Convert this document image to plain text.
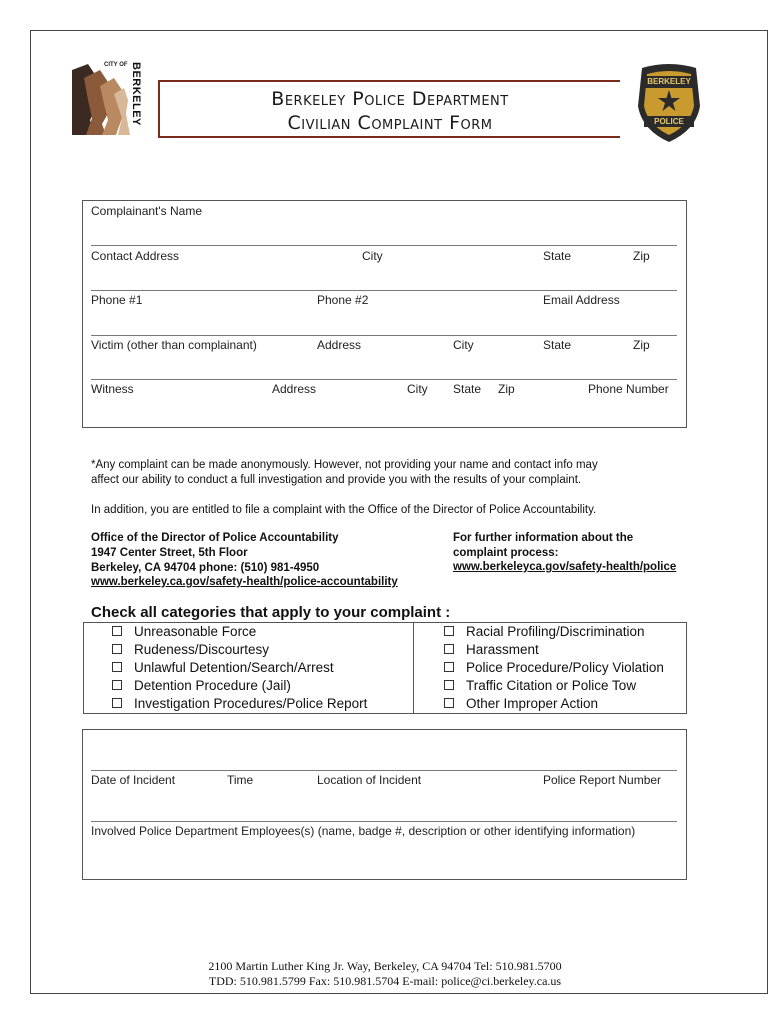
CITY OF BERKELEY	Berkeley Police Department
Civilian Complaint Form
BERKELEY
POLICE
Complainant's Name
Contact Address	City	State	Zip
Phone #1	Phone #2	Email Address
Victim (other than complainant)	Address	City	State	Zip
Witness	Address	City State Zip	Phone Number
*Any complaint can be made anonymously. However, not providing your name and contact info may
affect our ability to conduct a full investigation and provide you with the results of your complaint.
In addition, you are entitled to file a complaint with the Office of the Director of Police Accountability.
Office of the Director of Police Accountability
1947 Center Street, 5th Floor
Berkeley, CA 94704 phone: (510) 981-4950
www.berkeley.ca.gov/safety-health/police-accountability
For further information about the
complaint process:
www.berkeleyca.gov/safety-health/police
Check all categories that apply to your complaint :
Unreasonable Force
Rudeness/Discourtesy
Unlawful Detention/Search/Arrest
Detention Procedure (Jail)
Investigation Procedures/Police Report

Racial Profiling/Discrimination
Harassment
Police Procedure/Policy Violation
Traffic Citation or Police Tow
Other Improper Action
Date of Incident	Time	Location of Incident	Police Report Number
Involved Police Department Employees(s) (name, badge #, description or other identifying information)
2100 Martin Luther King Jr. Way, Berkeley, CA 94704 Tel: 510.981.5700
TDD: 510.981.5799 Fax: 510.981.5704 E-mail: police@ci.berkeley.ca.us
